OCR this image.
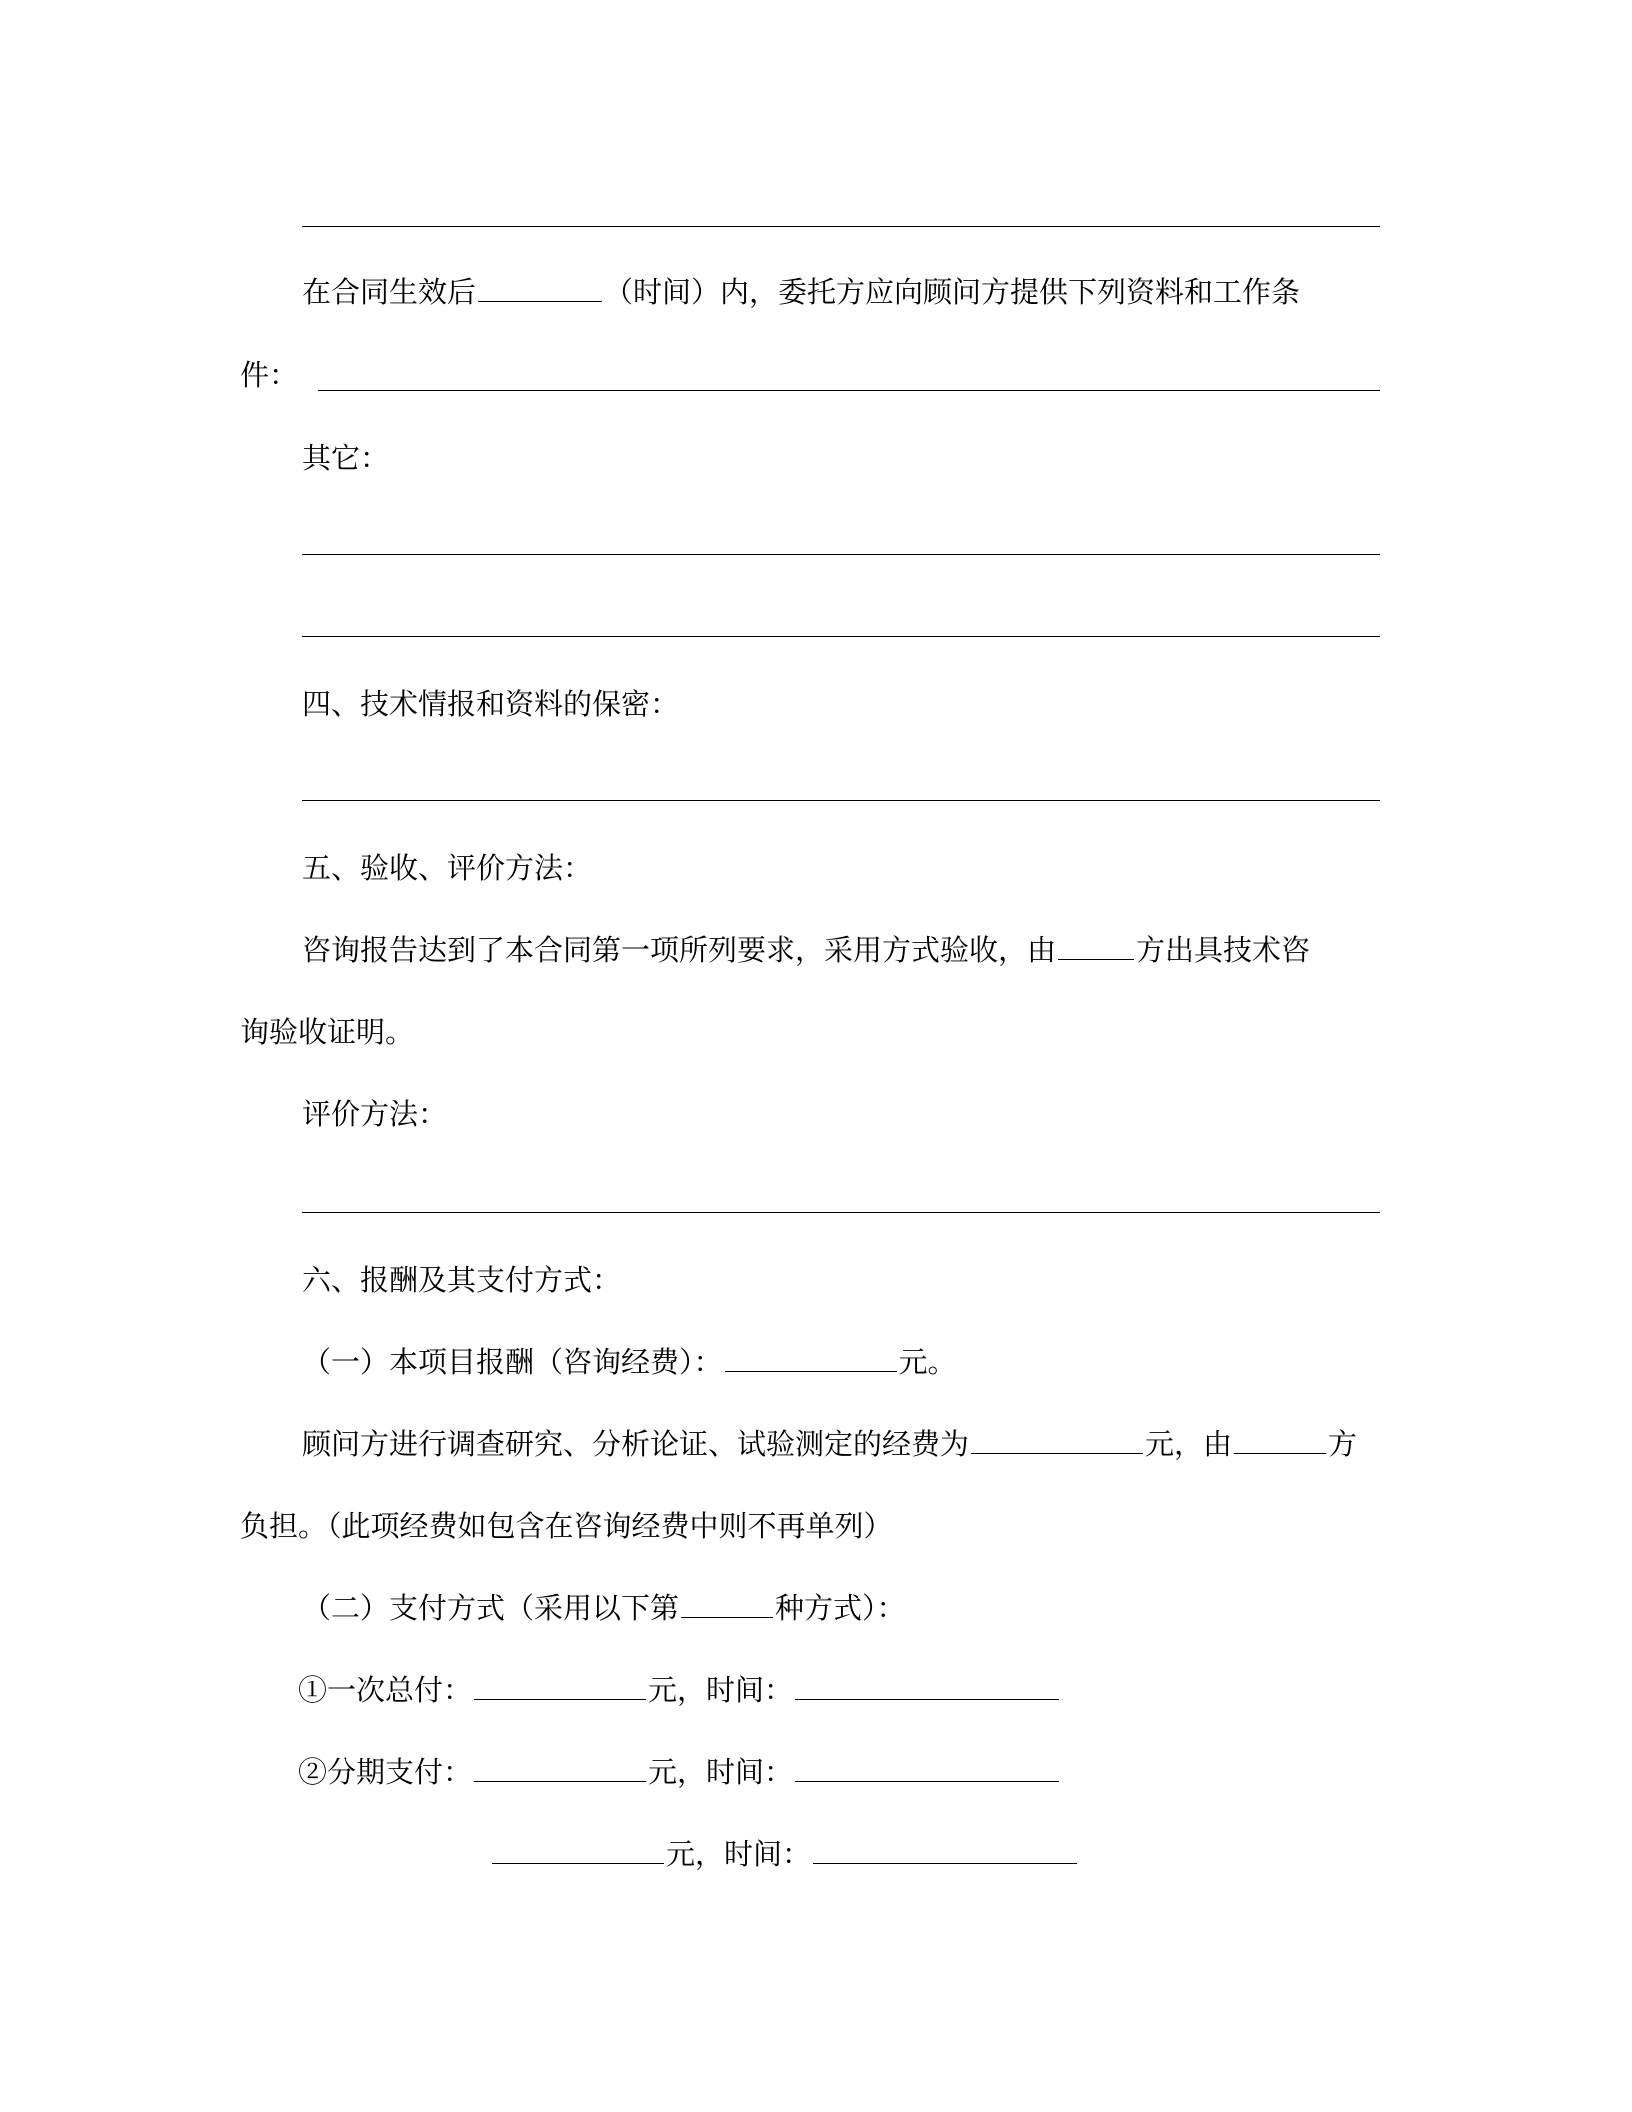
在合同生效后	（时间）内，委托方应向顾问方提供下列资料和工作条
件：
其它：
四、技术情报和资料的保密：
五、验收、评价方法：
咨询报告达到了本合同第一项所列要求，采用方式验收，由	方出具技术咨
询验收证明。
评价方法：
六、报酬及其支付方式：
（一）本项目报酬（咨询经费）：	元。
顾问方进行调查研究、分析论证、试验测定的经费为	元，由	方
负担。（此项经费如包含在咨询经费中则不再单列）
（二）支付方式（采用以下第	种方式）：
①一次总付：	元，时间：
②分期支付：	元，时间：
元，时间：
